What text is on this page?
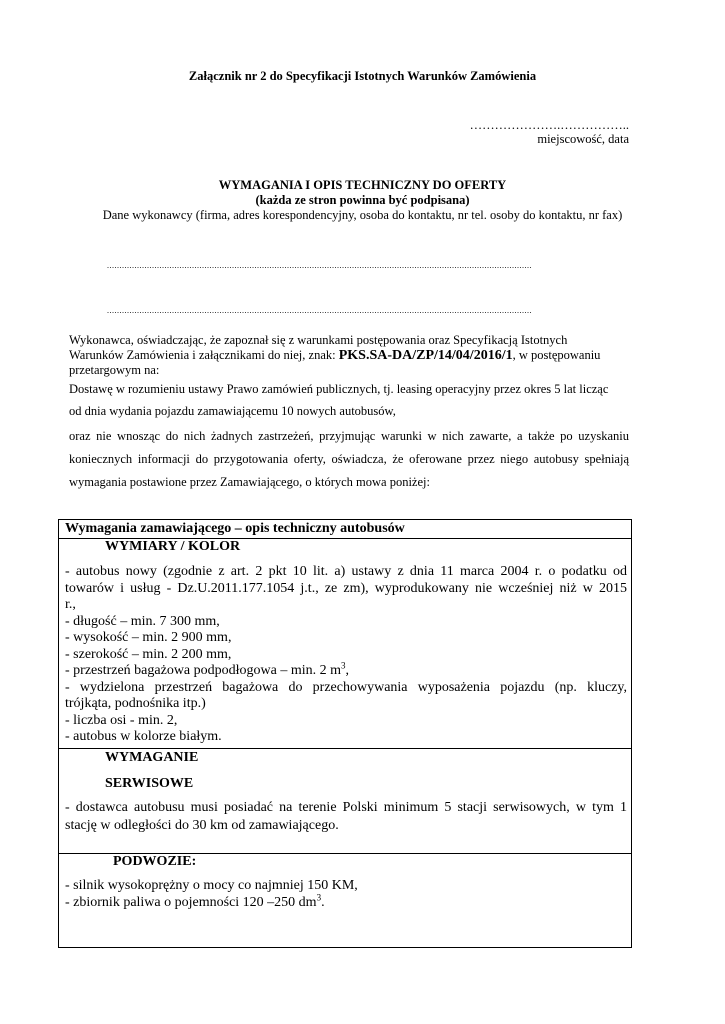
Załącznik nr 2 do Specyfikacji Istotnych Warunków Zamówienia
………………….……………..
miejscowość, data
WYMAGANIA I OPIS TECHNICZNY DO OFERTY
(każda ze stron powinna być podpisana)
Dane wykonawcy (firma, adres korespondencyjny, osoba do kontaktu, nr tel. osoby do kontaktu, nr fax)
..........................................................................................................................................................................
..........................................................................................................................................................................
Wykonawca, oświadczając, że zapoznał się z warunkami postępowania oraz Specyfikacją Istotnych
Warunków Zamówienia i załącznikami do niej, znak: PKS.SA-DA/ZP/14/04/2016/1, w postępowaniu
przetargowym na:
Dostawę w rozumieniu ustawy Prawo zamówień publicznych, tj. leasing operacyjny przez okres 5 lat licząc
od dnia wydania pojazdu zamawiającemu 10 nowych autobusów,
oraz nie wnosząc do nich żadnych zastrzeżeń, przyjmując warunki w nich zawarte, a także po uzyskaniu
koniecznych informacji do przygotowania oferty, oświadcza, że oferowane przez niego autobusy spełniają
wymagania postawione przez Zamawiającego, o których mowa poniżej:
Wymagania zamawiającego – opis techniczny autobusów
WYMIARY / KOLOR
- autobus nowy (zgodnie z art. 2 pkt 10 lit. a) ustawy z dnia 11 marca 2004 r. o podatku od
towarów i usług - Dz.U.2011.177.1054 j.t., ze zm), wyprodukowany nie wcześniej niż w 2015
r.,
- długość – min. 7 300 mm,
- wysokość – min. 2 900 mm,
- szerokość – min. 2 200 mm,
- przestrzeń bagażowa podpodłogowa – min. 2 $m^3$,
- wydzielona przestrzeń bagażowa do przechowywania wyposażenia pojazdu (np. kluczy,
trójkąta, podnośnika itp.)
- liczba osi - min. 2,
- autobus w kolorze białym.
WYMAGANIE
SERWISOWE
- dostawca autobusu musi posiadać na terenie Polski minimum 5 stacji serwisowych, w tym 1
stację w odległości do 30 km od zamawiającego.
PODWOZIE:
- silnik wysokoprężny o mocy co najmniej 150 KM,
- zbiornik paliwa o pojemności 120 –250 $dm^3$.
